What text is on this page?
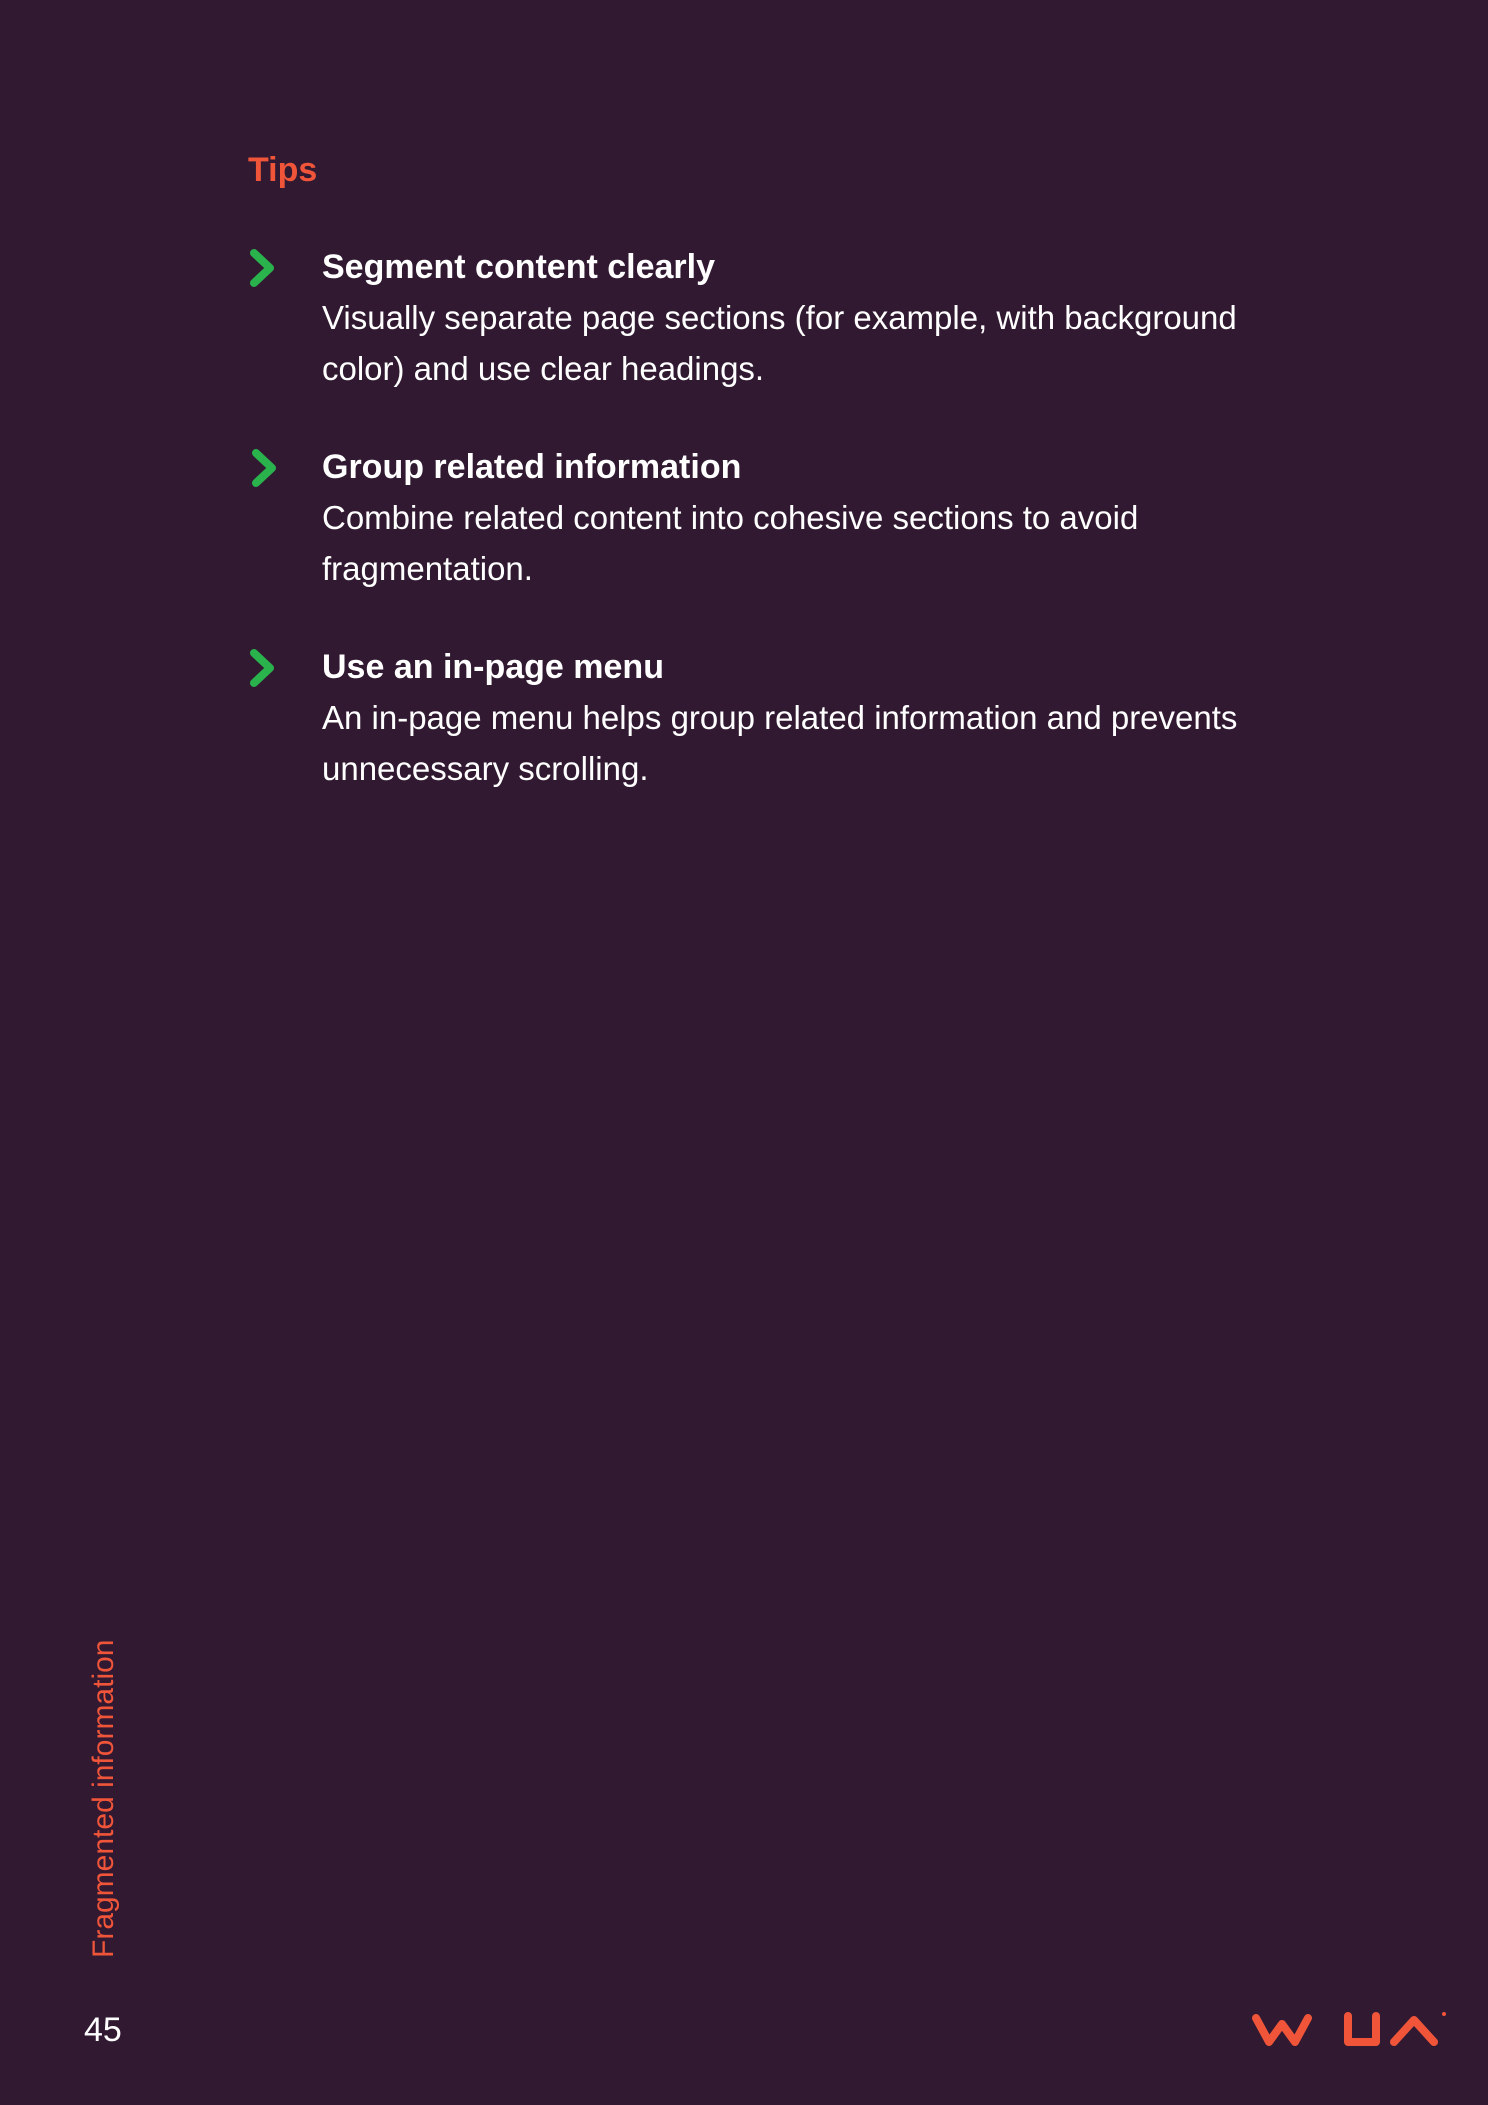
Tips
Segment content clearly

Visually separate page sections (for example, with background color) and use clear headings.

Group related information

Combine related content into cohesive sections to avoid fragmentation.

Use an in-page menu

An in-page menu helps group related information and prevents unnecessary scrolling.

Fragmented information
45
